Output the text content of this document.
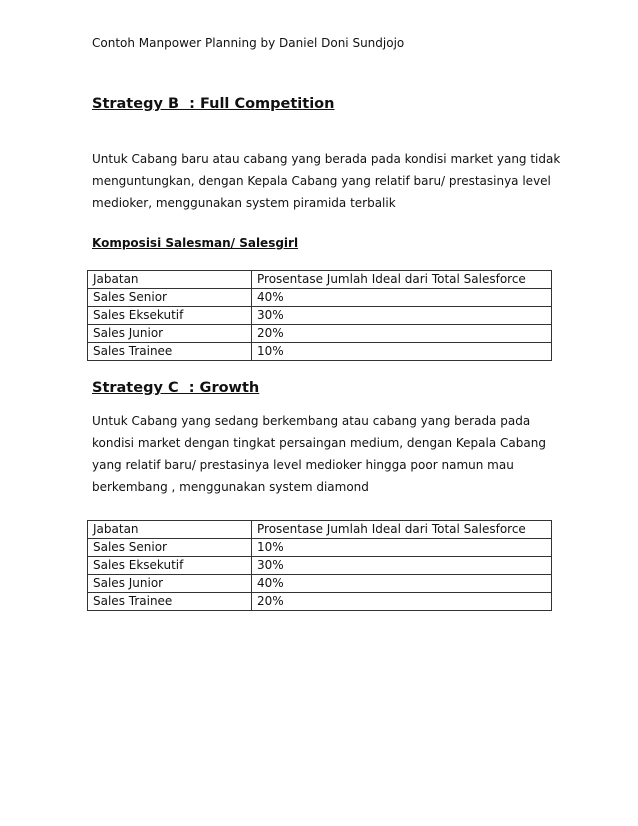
Contoh Manpower Planning by Daniel Doni Sundjojo
Strategy B  : Full Competition
Untuk Cabang baru atau cabang yang berada pada kondisi market yang tidak menguntungkan, dengan Kepala Cabang yang relatif baru/ prestasinya level medioker, menggunakan system piramida terbalik
Komposisi Salesman/ Salesgirl
Jabatan	Prosentase Jumlah Ideal dari Total Salesforce
Sales Senior	40%
Sales Eksekutif	30%
Sales Junior	20%
Sales Trainee	10%
Strategy C  : Growth
Untuk Cabang yang sedang berkembang atau cabang yang berada pada kondisi market dengan tingkat persaingan medium, dengan Kepala Cabang yang relatif baru/ prestasinya level medioker hingga poor namun mau berkembang , menggunakan system diamond
Jabatan	Prosentase Jumlah Ideal dari Total Salesforce
Sales Senior	10%
Sales Eksekutif	30%
Sales Junior	40%
Sales Trainee	20%
